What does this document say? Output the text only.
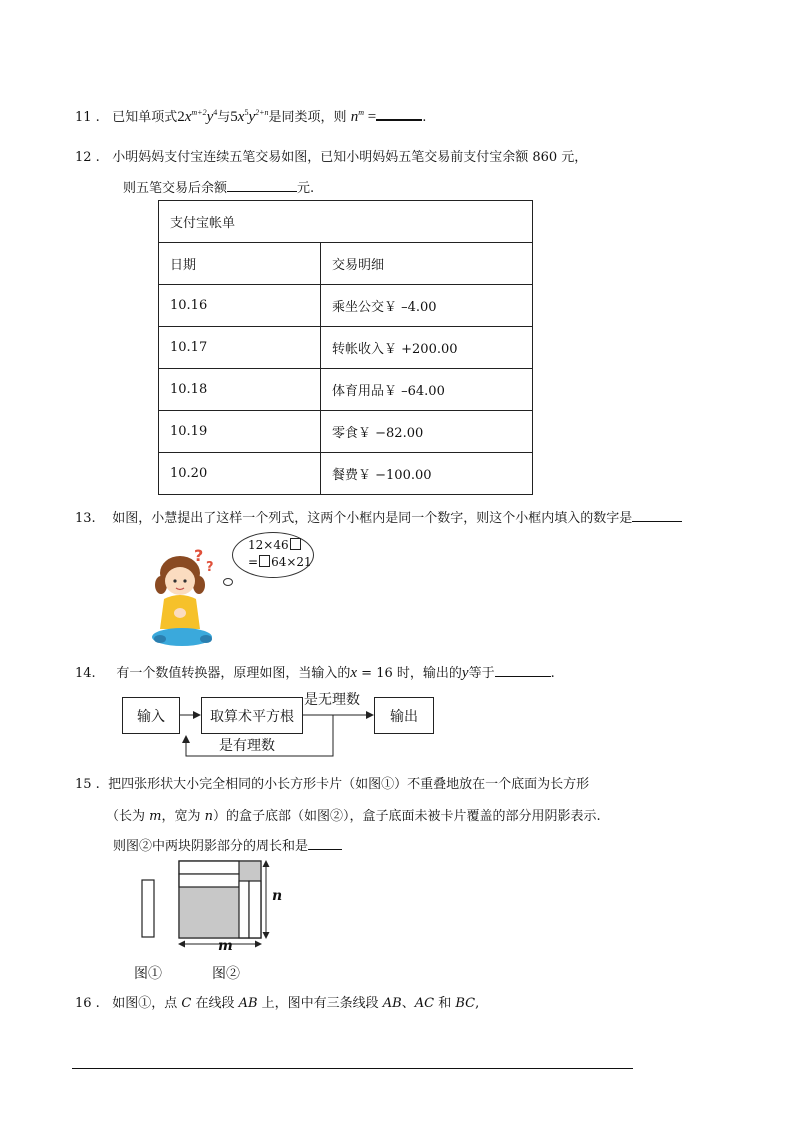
11 . 已知单项式$2x^{m+2}y^4$与$5x^5y^{2+n}$是同类项，则 $n^m$ =	.
12 . 小明妈妈支付宝连续五笔交易如图，已知小明妈妈五笔交易前支付宝余额 860 元，
则五笔交易后余额	元.
支付宝帐单	
日期	交易明细
10.16	乘坐公交￥ –4.00
10.17	转帐收入￥ +200.00
10.18	体育用品￥ –64.00
10.19	零食￥ −82.00
10.20	餐费￥ −100.00
13. 如图，小慧提出了这样一个列式，这两个小框内是同一个数字，则这个小框内填入的数字是
?
?
12×46
= 64×21
14. 有一个数值转换器，原理如图，当输入的x = 16 时，输出的y等于	.
输入	取算术平方根	输出
是无理数
是有理数
15 . 把四张形状大小完全相同的小长方形卡片（如图①）不重叠地放在一个底面为长方形
（长为 m，宽为 n）的盒子底部（如图②），盒子底面未被卡片覆盖的部分用阴影表示.
则图②中两块阴影部分的周长和是
n
m
图①	图②
16 . 如图①，点 C 在线段 AB 上，图中有三条线段 AB、AC 和 BC,
